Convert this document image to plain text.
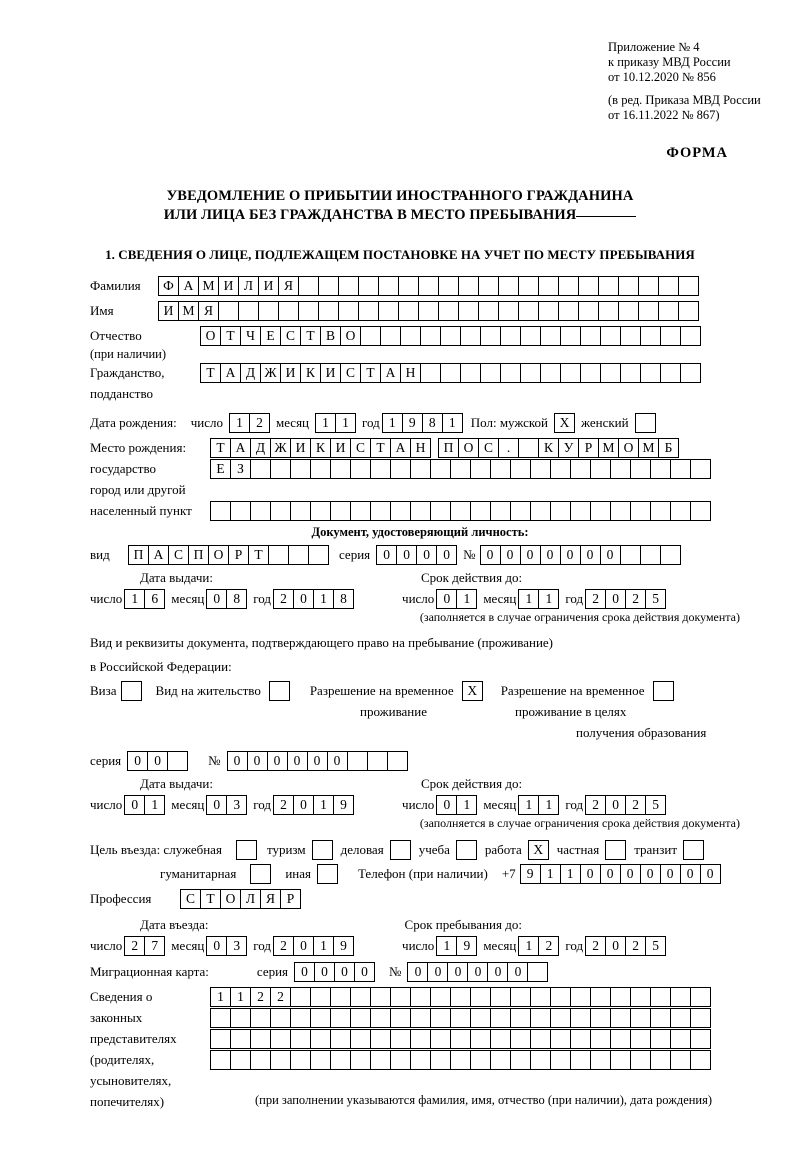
Приложение № 4
к приказу МВД России
от 10.12.2020 № 856
(в ред. Приказа МВД России
от 16.11.2022 № 867)
ФОРМА
УВЕДОМЛЕНИЕ О ПРИБЫТИИ ИНОСТРАННОГО ГРАЖДАНИНА
ИЛИ ЛИЦА БЕЗ ГРАЖДАНСТВА В МЕСТО ПРЕБЫВАНИЯ
1. СВЕДЕНИЯ О ЛИЦЕ, ПОДЛЕЖАЩЕМ ПОСТАНОВКЕ НА УЧЕТ ПО МЕСТУ ПРЕБЫВАНИЯ
Фамилия	Ф А М И Л И Я
Имя	И М Я
Отчество	О Т Ч Е С Т В О
(при наличии)
Гражданство,	Т А Д Ж И К И С Т А Н
подданство
Дата рождения: число 1 2	месяц 1 1	год 1 9 8 1	Пол: мужской X женский
Место рождения:	Т А Д Ж И К И С Т А Н	П О С	.	К У Р М О М Б
государство	Е З
город или другой
населенный пункт
Документ, удостоверяющий личность:
вид	П А С П О Р Т	серия 0 0 0 0	№ 0 0 0 0 0 0 0
Дата выдачи:	Срок действия до:
число 1 6	месяц 0 8	год 2 0 1 8	число 0 1	месяц 1 1	год 2 0 2 5
(заполняется в случае ограничения срока действия документа)
Вид и реквизиты документа, подтверждающего право на пребывание (проживание)
в Российской Федерации:
Виза	Вид на жительство	Разрешение на временное	X	Разрешение на временное
проживание	проживание в целях
получения образования
серия 0 0	№ 0 0 0 0 0 0
Дата выдачи:	Срок действия до:
число 0 1	месяц 0 3	год 2 0 1 9	число 0 1	месяц 1 1	год 2 0 2 5
(заполняется в случае ограничения срока действия документа)
Цель въезда: служебная	туризм	деловая	учеба	работа X	частная	транзит
гуманитарная	иная	Телефон (при наличии) +7 9 1 1 0 0 0 0 0 0 0
Профессия	С Т О Л Я Р
Дата въезда:	Срок пребывания до:
число 2 7	месяц 0 3	год 2 0 1 9	число 1 9	месяц 1 2	год 2 0 2 5
Миграционная карта:	серия 0 0 0 0	№ 0 0 0 0 0 0
Сведения о	1 1 2 2
законных
представителях
(родителях,
усыновителях,
попечителях)	(при заполнении указываются фамилия, имя, отчество (при наличии), дата рождения)
